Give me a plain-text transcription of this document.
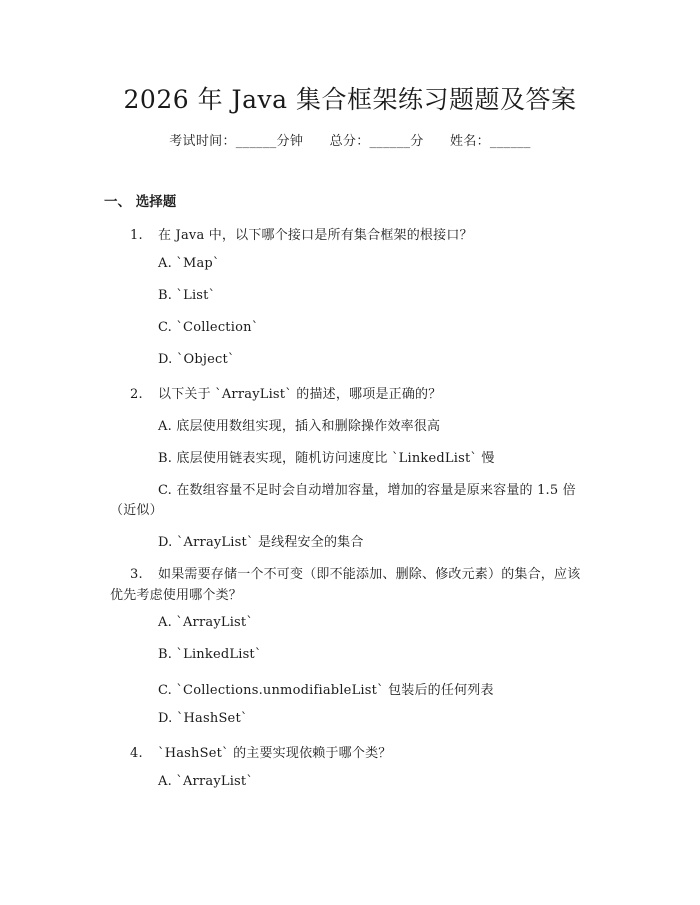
2026 年 Java 集合框架练习题题及答案
考试时间：______分钟 总分：______分 姓名：______
一、 选择题
1. 在 Java 中，以下哪个接口是所有集合框架的根接口？
A. `Map`
B. `List`
C. `Collection`
D. `Object`
2. 以下关于 `ArrayList` 的描述，哪项是正确的？
A. 底层使用数组实现，插入和删除操作效率很高
B. 底层使用链表实现，随机访问速度比 `LinkedList` 慢
C. 在数组容量不足时会自动增加容量，增加的容量是原来容量的 1.5 倍
（近似）
D. `ArrayList` 是线程安全的集合
3. 如果需要存储一个不可变（即不能添加、删除、修改元素）的集合，应该
优先考虑使用哪个类？
A. `ArrayList`
B. `LinkedList`
C. `Collections.unmodifiableList` 包装后的任何列表
D. `HashSet`
4. `HashSet` 的主要实现依赖于哪个类？
A. `ArrayList`
